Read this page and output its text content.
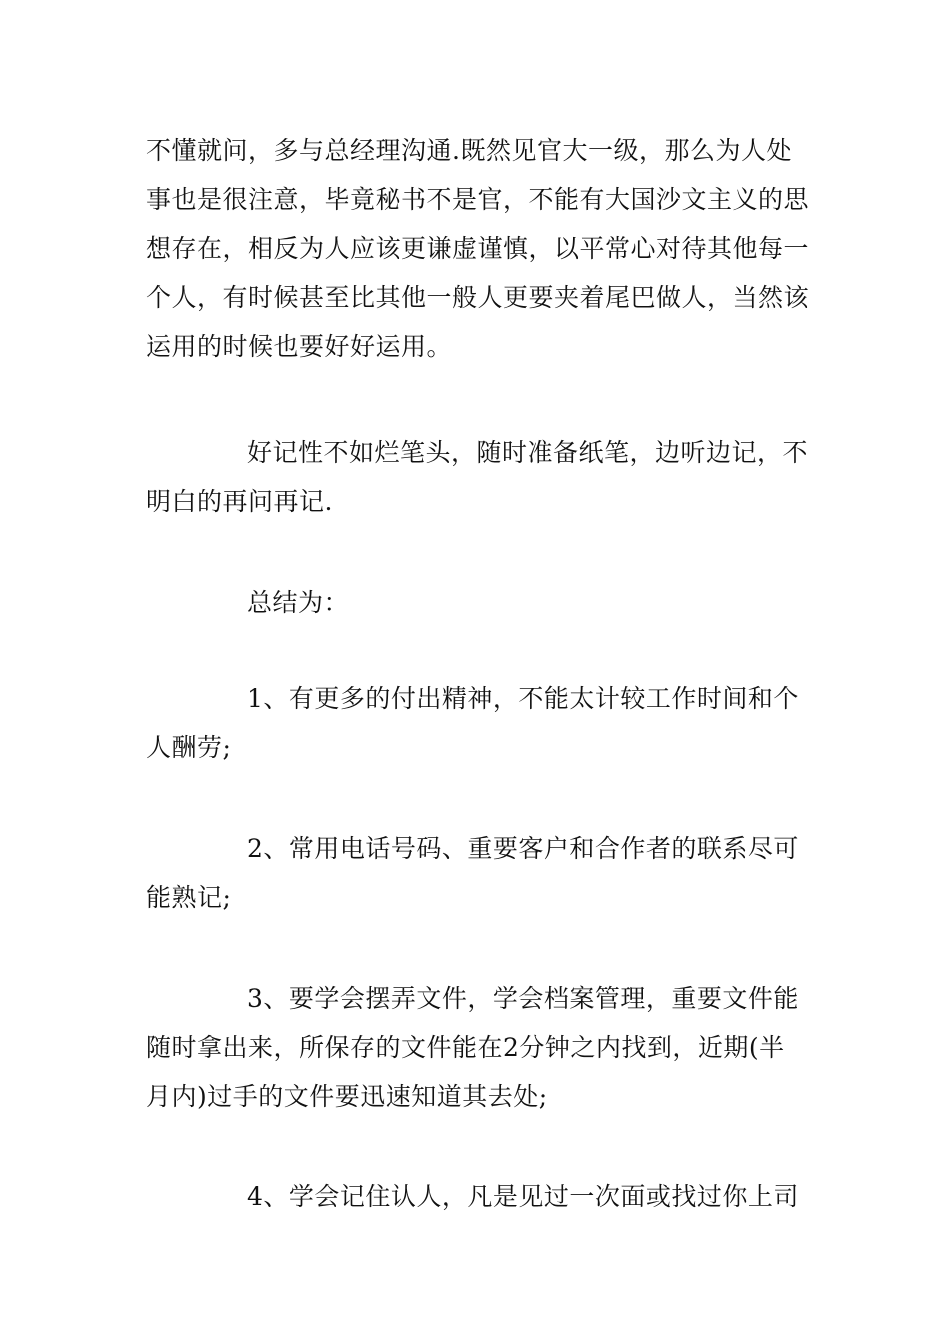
不懂就问，多与总经理沟通.既然见官大一级，那么为人处事也是很注意，毕竟秘书不是官，不能有大国沙文主义的思想存在，相反为人应该更谦虚谨慎，以平常心对待其他每一个人，有时候甚至比其他一般人更要夹着尾巴做人，当然该运用的时候也要好好运用。
好记性不如烂笔头，随时准备纸笔，边听边记，不明白的再问再记.
总结为：
1、有更多的付出精神，不能太计较工作时间和个人酬劳;
2、常用电话号码、重要客户和合作者的联系尽可能熟记;
3、要学会摆弄文件，学会档案管理，重要文件能随时拿出来，所保存的文件能在2分钟之内找到，近期(半月内)过手的文件要迅速知道其去处;
4、学会记住认人，凡是见过一次面或找过你上司
